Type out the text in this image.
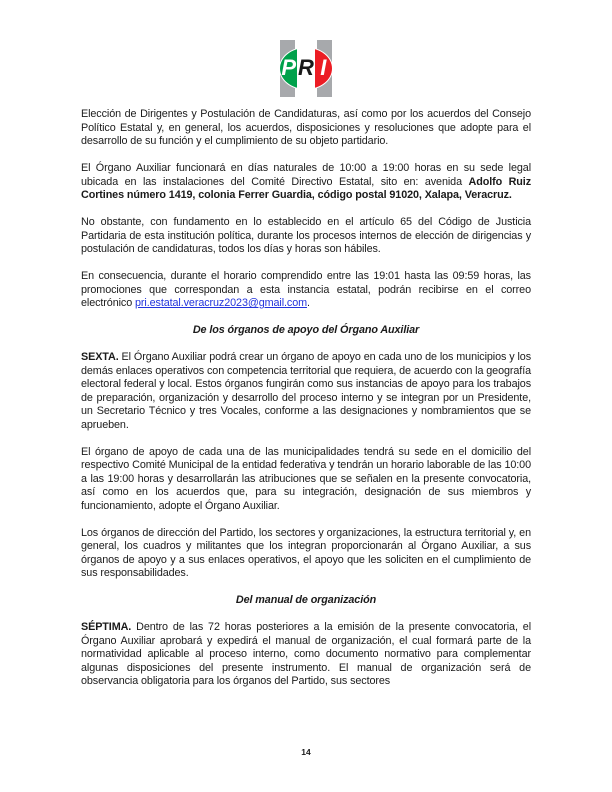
P R I

Elección de Dirigentes y Postulación de Candidaturas, así como por los acuerdos del Consejo Político Estatal y, en general, los acuerdos, disposiciones y resoluciones que adopte para el desarrollo de su función y el cumplimiento de su objeto partidario.

El Órgano Auxiliar funcionará en días naturales de 10:00 a 19:00 horas en su sede legal ubicada en las instalaciones del Comité Directivo Estatal, sito en: avenida Adolfo Ruiz Cortines número 1419, colonia Ferrer Guardia, código postal 91020, Xalapa, Veracruz.

No obstante, con fundamento en lo establecido en el artículo 65 del Código de Justicia Partidaria de esta institución política, durante los procesos internos de elección de dirigencias y postulación de candidaturas, todos los días y horas son hábiles.

En consecuencia, durante el horario comprendido entre las 19:01 hasta las 09:59 horas, las promociones que correspondan a esta instancia estatal, podrán recibirse en el correo electrónico pri.estatal.veracruz2023@gmail.com.

De los órganos de apoyo del Órgano Auxiliar

SEXTA. El Órgano Auxiliar podrá crear un órgano de apoyo en cada uno de los municipios y los demás enlaces operativos con competencia territorial que requiera, de acuerdo con la geografía electoral federal y local. Estos órganos fungirán como sus instancias de apoyo para los trabajos de preparación, organización y desarrollo del proceso interno y se integran por un Presidente, un Secretario Técnico y tres Vocales, conforme a las designaciones y nombramientos que se aprueben.

El órgano de apoyo de cada una de las municipalidades tendrá su sede en el domicilio del respectivo Comité Municipal de la entidad federativa y tendrán un horario laborable de las 10:00 a las 19:00 horas y desarrollarán las atribuciones que se señalen en la presente convocatoria, así como en los acuerdos que, para su integración, designación de sus miembros y funcionamiento, adopte el Órgano Auxiliar.

Los órganos de dirección del Partido, los sectores y organizaciones, la estructura territorial y, en general, los cuadros y militantes que los integran proporcionarán al Órgano Auxiliar, a sus órganos de apoyo y a sus enlaces operativos, el apoyo que les soliciten en el cumplimiento de sus responsabilidades.

Del manual de organización

SÉPTIMA. Dentro de las 72 horas posteriores a la emisión de la presente convocatoria, el Órgano Auxiliar aprobará y expedirá el manual de organización, el cual formará parte de la normatividad aplicable al proceso interno, como documento normativo para complementar algunas disposiciones del presente instrumento. El manual de organización será de observancia obligatoria para los órganos del Partido, sus sectores

14
